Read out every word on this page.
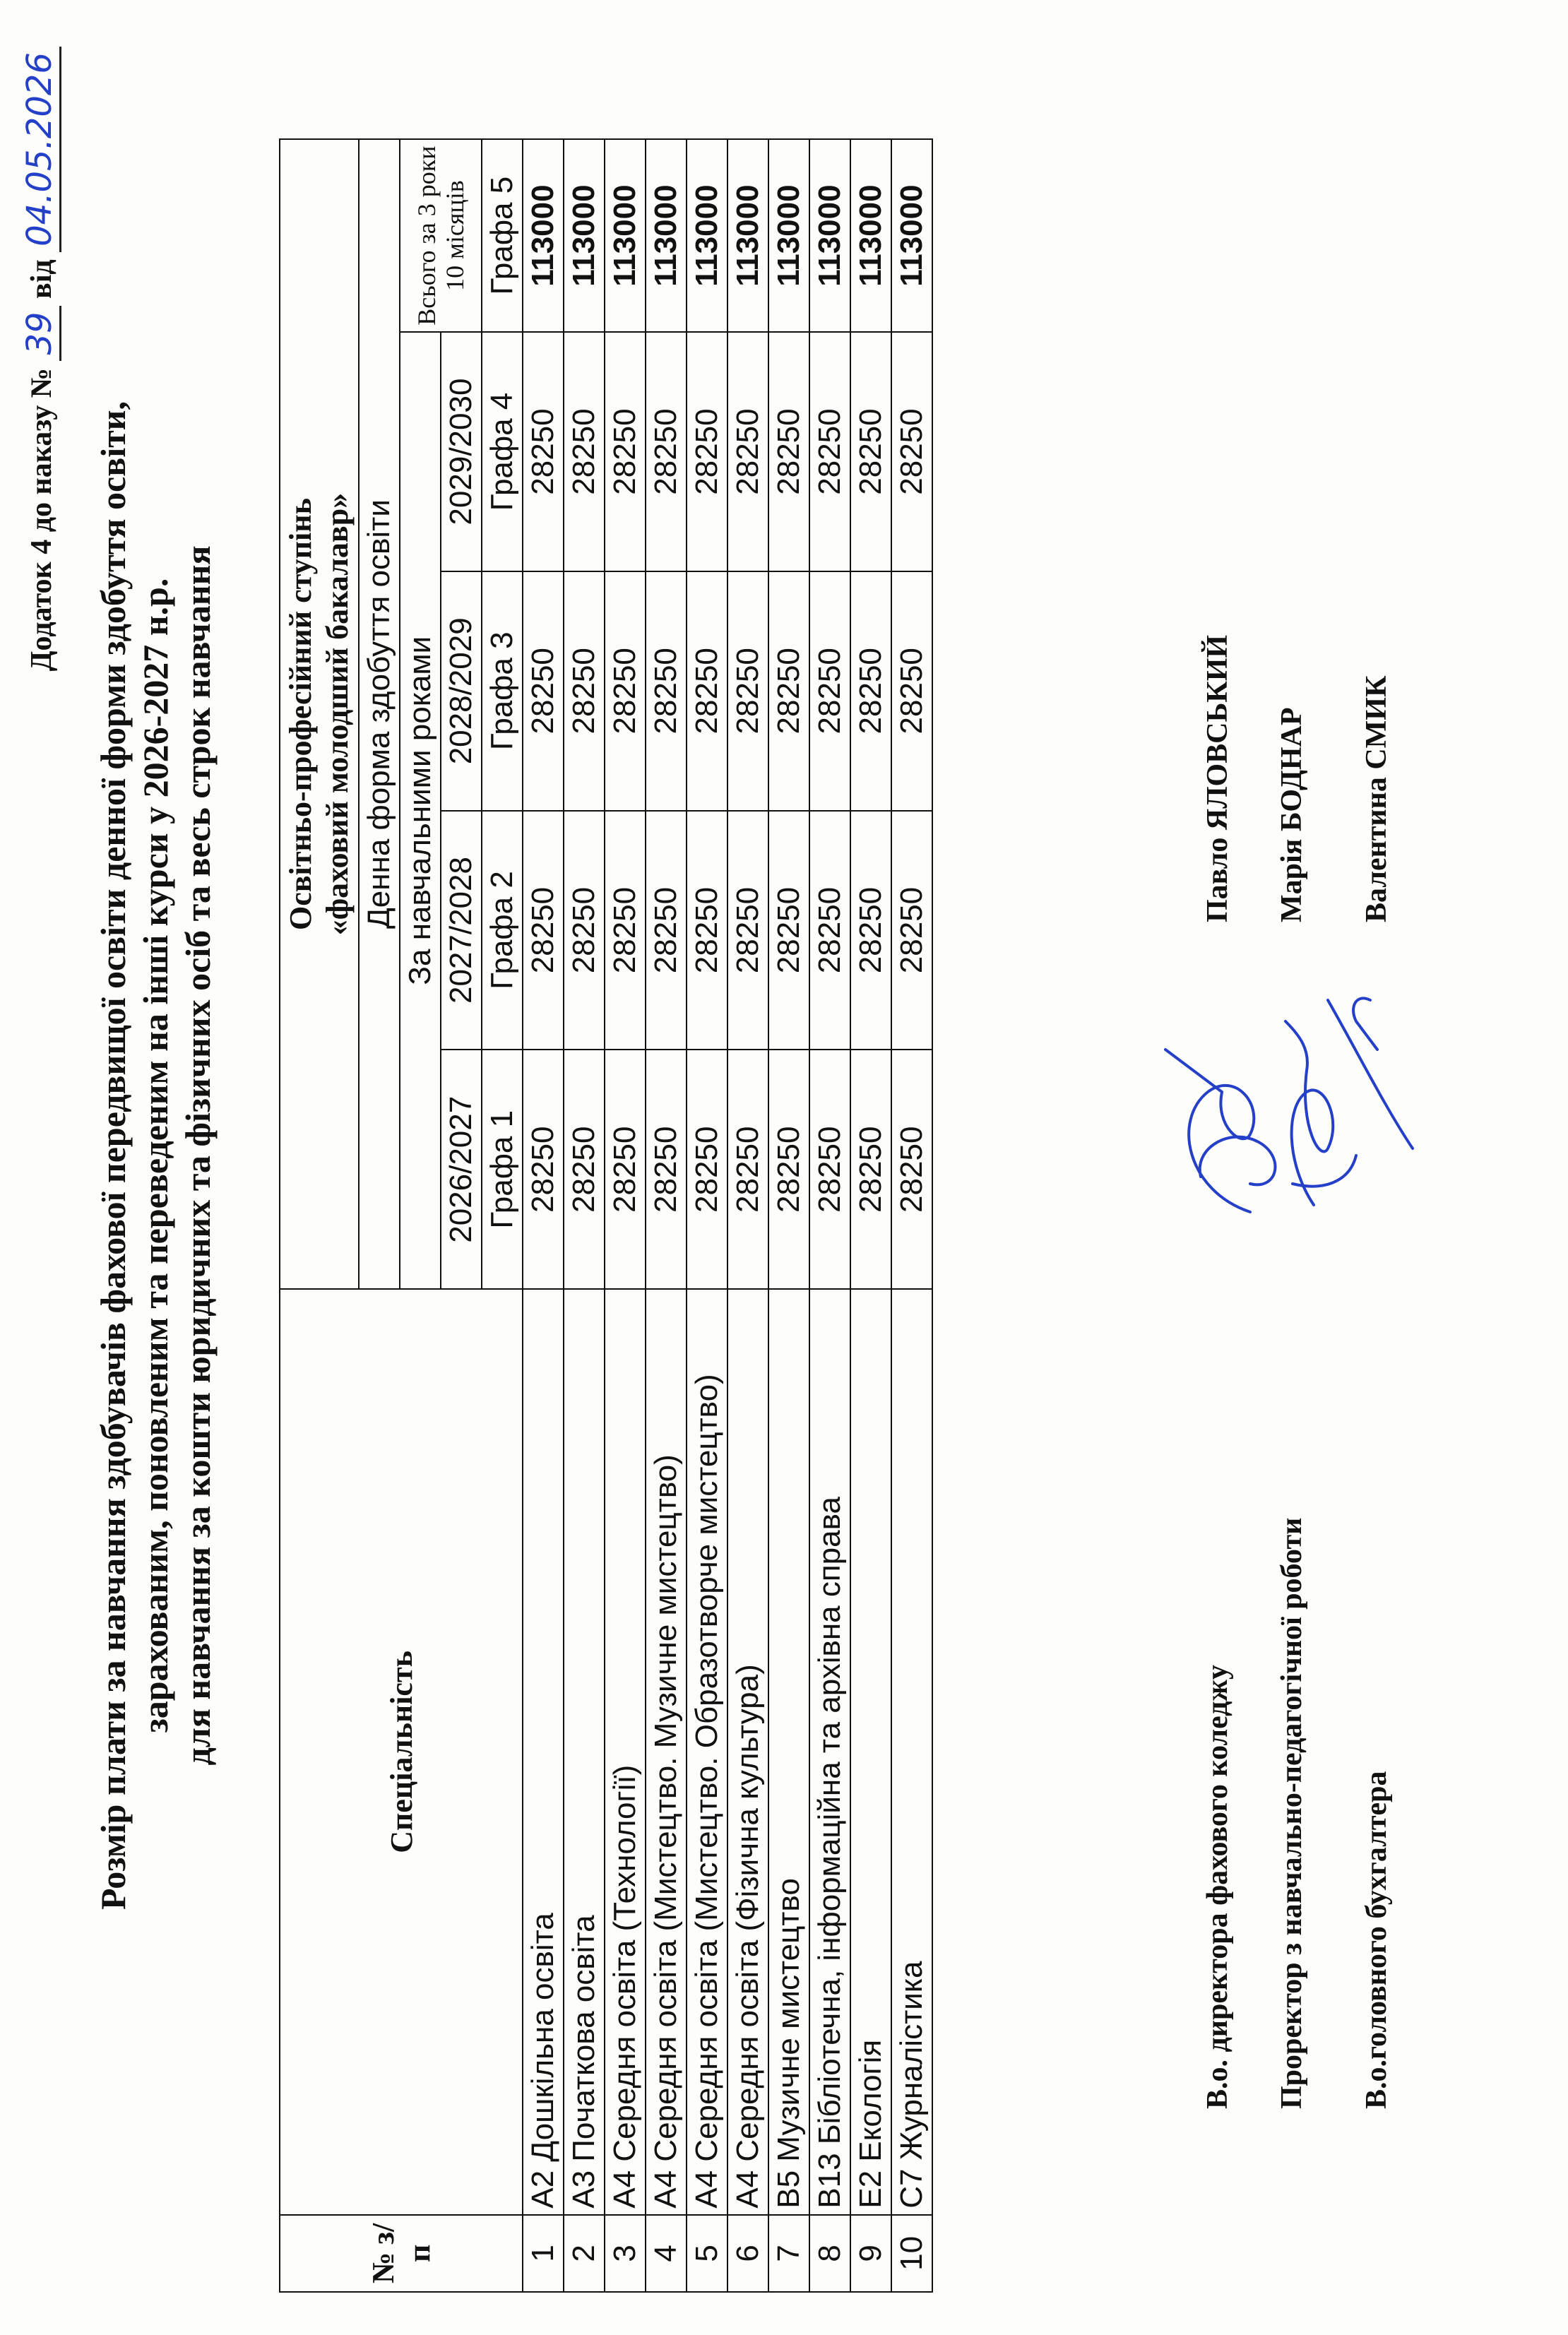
Додаток 4 до наказу № 39 від 04.05.2026
Розмір плати за навчання здобувачів фахової передвищої освіти денної форми здобуття освіти, зарахованим, поновленим та переведеним на інші курси у 2026-2027 н.р. для навчання за кошти юридичних та фізичних осіб та весь строк навчання
№ з/п	Спеціальність	Освітньо-професійний ступінь «фаховий молодший бакалавр»				

		Денна форма здобуття освіти				
		За навчальними роками				Всього за 3 роки 10 місяців
		2026/2027	2027/2028	2028/2029	2029/2030	
		Графа 1	Графа 2	Графа 3	Графа 4	Графа 5
1	А2 Дошкільна освіта	28250	28250	28250	28250	113000
2	А3 Початкова освіта	28250	28250	28250	28250	113000
3	А4 Середня освіта (Технології)	28250	28250	28250	28250	113000
4	А4 Середня освіта (Мистецтво. Музичне мистецтво)	28250	28250	28250	28250	113000
5	А4 Середня освіта (Мистецтво. Образотворче мистецтво)	28250	28250	28250	28250	113000
6	А4 Середня освіта (Фізична культура)	28250	28250	28250	28250	113000
7	В5 Музичне мистецтво	28250	28250	28250	28250	113000
8	В13 Бібліотечна, інформаційна та архівна справа	28250	28250	28250	28250	113000
9	Е2 Екологія	28250	28250	28250	28250	113000
10	С7 Журналістика	28250	28250	28250	28250	113000
В.о. директора фахового коледжу
Павло ЯЛОВСЬКИЙ
Проректор з навчально-педагогічної роботи
Марія БОДНАР
В.о.головного бухгалтера
Валентина СМИК
